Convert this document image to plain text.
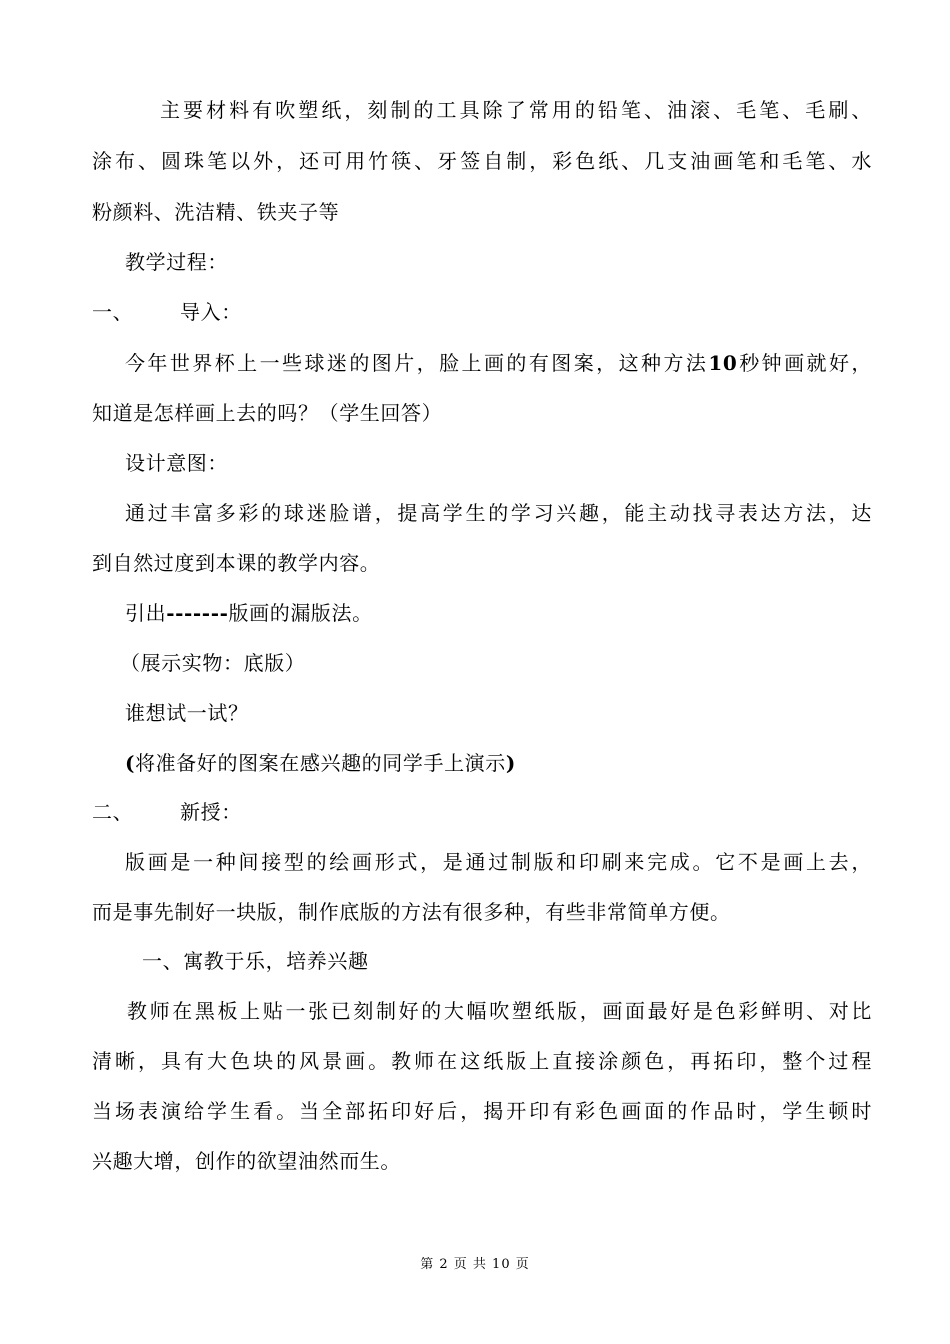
主要材料有吹塑纸，刻制的工具除了常用的铅笔、油滚、毛笔、毛刷、
涂布、圆珠笔以外，还可用竹筷、牙签自制，彩色纸、几支油画笔和毛笔、水
粉颜料、洗洁精、铁夹子等
教学过程：
一、 导入：
今年世界杯上一些球迷的图片，脸上画的有图案，这种方法10秒钟画就好，
知道是怎样画上去的吗？（学生回答）
设计意图：
通过丰富多彩的球迷脸谱，提高学生的学习兴趣，能主动找寻表达方法，达
到自然过度到本课的教学内容。
引出-------版画的漏版法。
（展示实物：底版）
谁想试一试？
(将准备好的图案在感兴趣的同学手上演示)
二、 新授：
版画是一种间接型的绘画形式，是通过制版和印刷来完成。它不是画上去，
而是事先制好一块版，制作底版的方法有很多种，有些非常简单方便。
一、寓教于乐，培养兴趣
教师在黑板上贴一张已刻制好的大幅吹塑纸版，画面最好是色彩鲜明、对比
清晰，具有大色块的风景画。教师在这纸版上直接涂颜色，再拓印，整个过程
当场表演给学生看。当全部拓印好后，揭开印有彩色画面的作品时，学生顿时
兴趣大增，创作的欲望油然而生。
第 2 页 共 10 页
